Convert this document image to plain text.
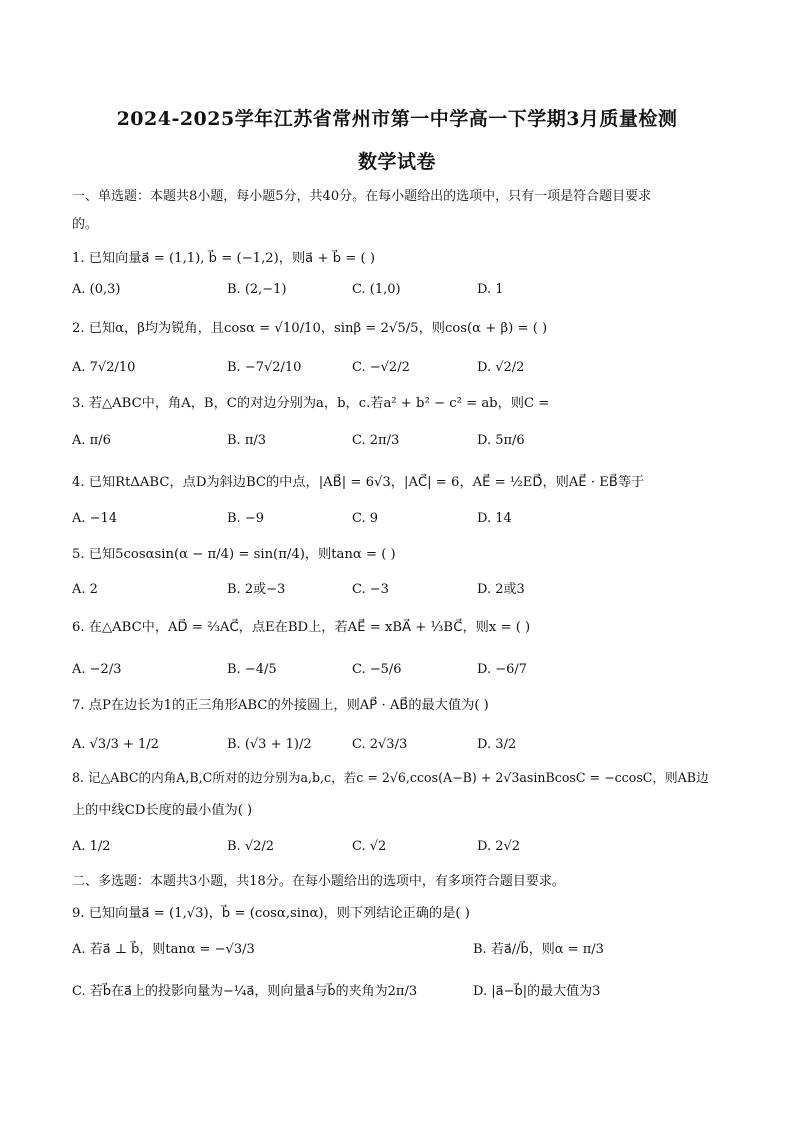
2024-2025学年江苏省常州市第一中学高一下学期3月质量检测
数学试卷
一、单选题：本题共8小题，每小题5分，共40分。在每小题给出的选项中，只有一项是符合题目要求
的。
1. 已知向量a⃗ = (1,1), b⃗ = (−1,2)，则a⃗ + b⃗ = ( )
A. (0,3)	B. (2,−1)	C. (1,0)	D. 1
2. 已知α，β均为锐角，且cosα = √10/10，sinβ = 2√5/5，则cos(α + β) = ( )
A. 7√2/10	B. −7√2/10	C. −√2/2	D. √2/2
3. 若△ABC中，角A，B，C的对边分别为a，b，c.若a² + b² − c² = ab，则C =
A. π/6	B. π/3	C. 2π/3	D. 5π/6
4. 已知RtΔABC，点D为斜边BC的中点，|AB⃗| = 6√3，|AC⃗| = 6，AE⃗ = ½ED⃗，则AE⃗ · EB⃗等于
A. −14	B. −9	C. 9	D. 14
5. 已知5cosαsin(α − π/4) = sin(π/4)，则tanα = ( )
A. 2	B. 2或−3	C. −3	D. 2或3
6. 在△ABC中，AD⃗ = ⅔AC⃗，点E在BD上，若AE⃗ = xBA⃗ + ⅓BC⃗，则x = ( )
A. −2/3	B. −4/5	C. −5/6	D. −6/7
7. 点P在边长为1的正三角形ABC的外接圆上，则AP⃗ · AB⃗的最大值为( )
A. √3/3 + 1/2	B. (√3 + 1)/2	C. 2√3/3	D. 3/2
8. 记△ABC的内角A,B,C所对的边分别为a,b,c，若c = 2√6,ccos(A−B) + 2√3asinBcosC = −ccosC，则AB边
上的中线CD长度的最小值为( )
A. 1/2	B. √2/2	C. √2	D. 2√2
二、多选题：本题共3小题，共18分。在每小题给出的选项中，有多项符合题目要求。
9. 已知向量a⃗ = (1,√3)，b⃗ = (cosα,sinα)，则下列结论正确的是( )
A. 若a⃗ ⊥ b⃗，则tanα = −√3/3	B. 若a⃗//b⃗，则α = π/3
C. 若b⃗在a⃗上的投影向量为−¼a⃗，则向量a⃗与b⃗的夹角为2π/3	D. |a⃗−b⃗|的最大值为3
